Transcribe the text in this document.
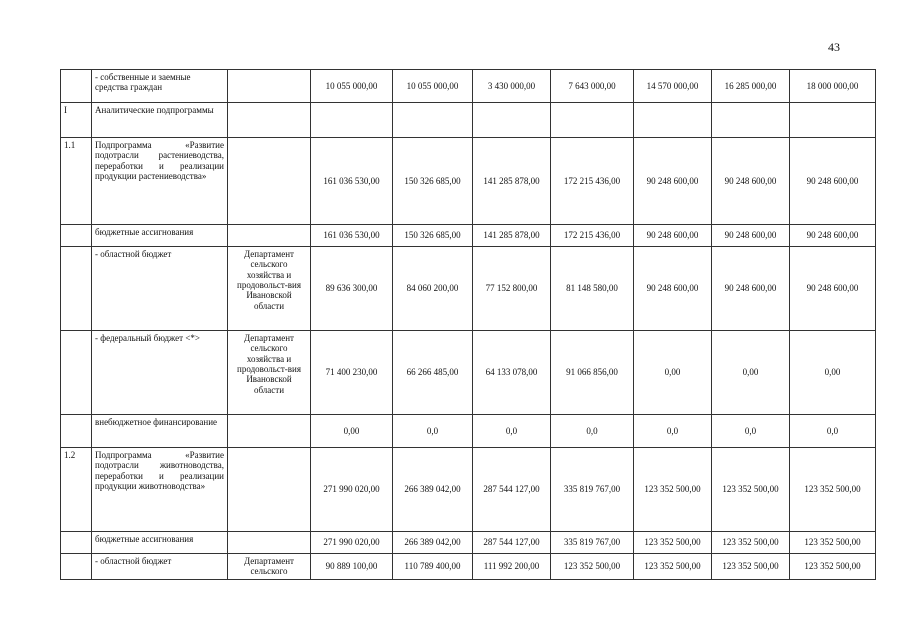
43
	- собственные и заемные средства граждан		10 055 000,00	10 055 000,00	3 430 000,00	7 643 000,00	14 570 000,00	16 285 000,00	18 000 000,00
I	Аналитические подпрограммы								
1.1	Подпрограмма «Развитие подотрасли растениеводства, переработки и реализации продукции растениеводства»		161 036 530,00	150 326 685,00	141 285 878,00	172 215 436,00	90 248 600,00	90 248 600,00	90 248 600,00
	бюджетные ассигнования		161 036 530,00	150 326 685,00	141 285 878,00	172 215 436,00	90 248 600,00	90 248 600,00	90 248 600,00
	- областной бюджет	Департамент сельского хозяйства и продовольст-вия Ивановской области	89 636 300,00	84 060 200,00	77 152 800,00	81 148 580,00	90 248 600,00	90 248 600,00	90 248 600,00
	- федеральный бюджет <*>	Департамент сельского хозяйства и продовольст-вия Ивановской области	71 400 230,00	66 266 485,00	64 133 078,00	91 066 856,00	0,00	0,00	0,00
	внебюджетное финансирование		0,00	0,0	0,0	0,0	0,0	0,0	0,0
1.2	Подпрограмма «Развитие подотрасли животноводства, переработки и реализации продукции животноводства»		271 990 020,00	266 389 042,00	287 544 127,00	335 819 767,00	123 352 500,00	123 352 500,00	123 352 500,00
	бюджетные ассигнования		271 990 020,00	266 389 042,00	287 544 127,00	335 819 767,00	123 352 500,00	123 352 500,00	123 352 500,00
	- областной бюджет	Департамент сельского	90 889 100,00	110 789 400,00	111 992 200,00	123 352 500,00	123 352 500,00	123 352 500,00	123 352 500,00
